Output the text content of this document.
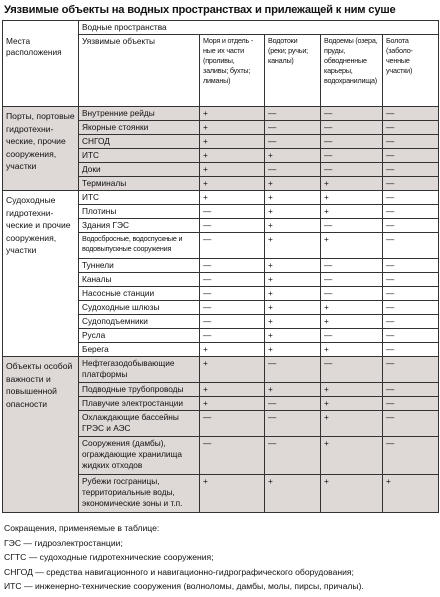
Уязвимые объекты на водных пространствах и прилежащей к ним суше
	Водные пространства				
Места расположения	Уязвимые объекты	Моря и отдель - ные их части (проливы, заливы; бухты; лиманы)	Водотоки (реки; ручьи; каналы)	Водоемы (озера, пруды, обводненные карьеры, водохранилища)	Болота (заболо- ченные участки)
Порты, портовые гидротехни- ческие, прочие сооружения, участки	Внутренние рейды	+	—	—	—
	Якорные стоянки	+	—	—	—
	СНГОД	+	—	—	—
	ИТС	+	+	—	—
	Доки	+	—	—	—
	Терминалы	+	+	+	—
Судоходные гидротехни- ческие и прочие сооружения, участки	ИТС	+	+	+	—
	Плотины	—	+	+	—
	Здания ГЭС	—	+	—	—
	Водосбросные, водоспускные и водовыпускные сооружения	—	+	+	—
	Туннели	—	+	—	—
	Каналы	—	+	—	—
	Насосные станции	—	+	—	—
	Судоходные шлюзы	—	+	+	—
	Судоподъемники	—	+	+	—
	Русла	—	+	—	—
	Берега	+	+	+	—
Объекты особой важности и повышенной опасности	Нефтегазодобывающие платформы	+	—	—	—
	Подводные трубопроводы	+	+	+	—
	Плавучие электростанции	+	—	+	—
	Охлаждающие бассейны ГРЭС и АЭС	—	—	+	—
	Сооружения (дамбы), ограждающие хранилища жидких отходов	—	—	+	—
	Рубежи госграницы, территориальные воды, экономические зоны и т.п.	+	+	+	+
Сокращения, применяемые в таблице:
ГЭС — гидроэлектростанции;
СГТС — судоходные гидротехнические сооружения;
СНГОД — средства навигационного и навигационно-гидрографического оборудования;
ИТС — инженерно-технические сооружения (волноломы, дамбы, молы, пирсы, причалы).
